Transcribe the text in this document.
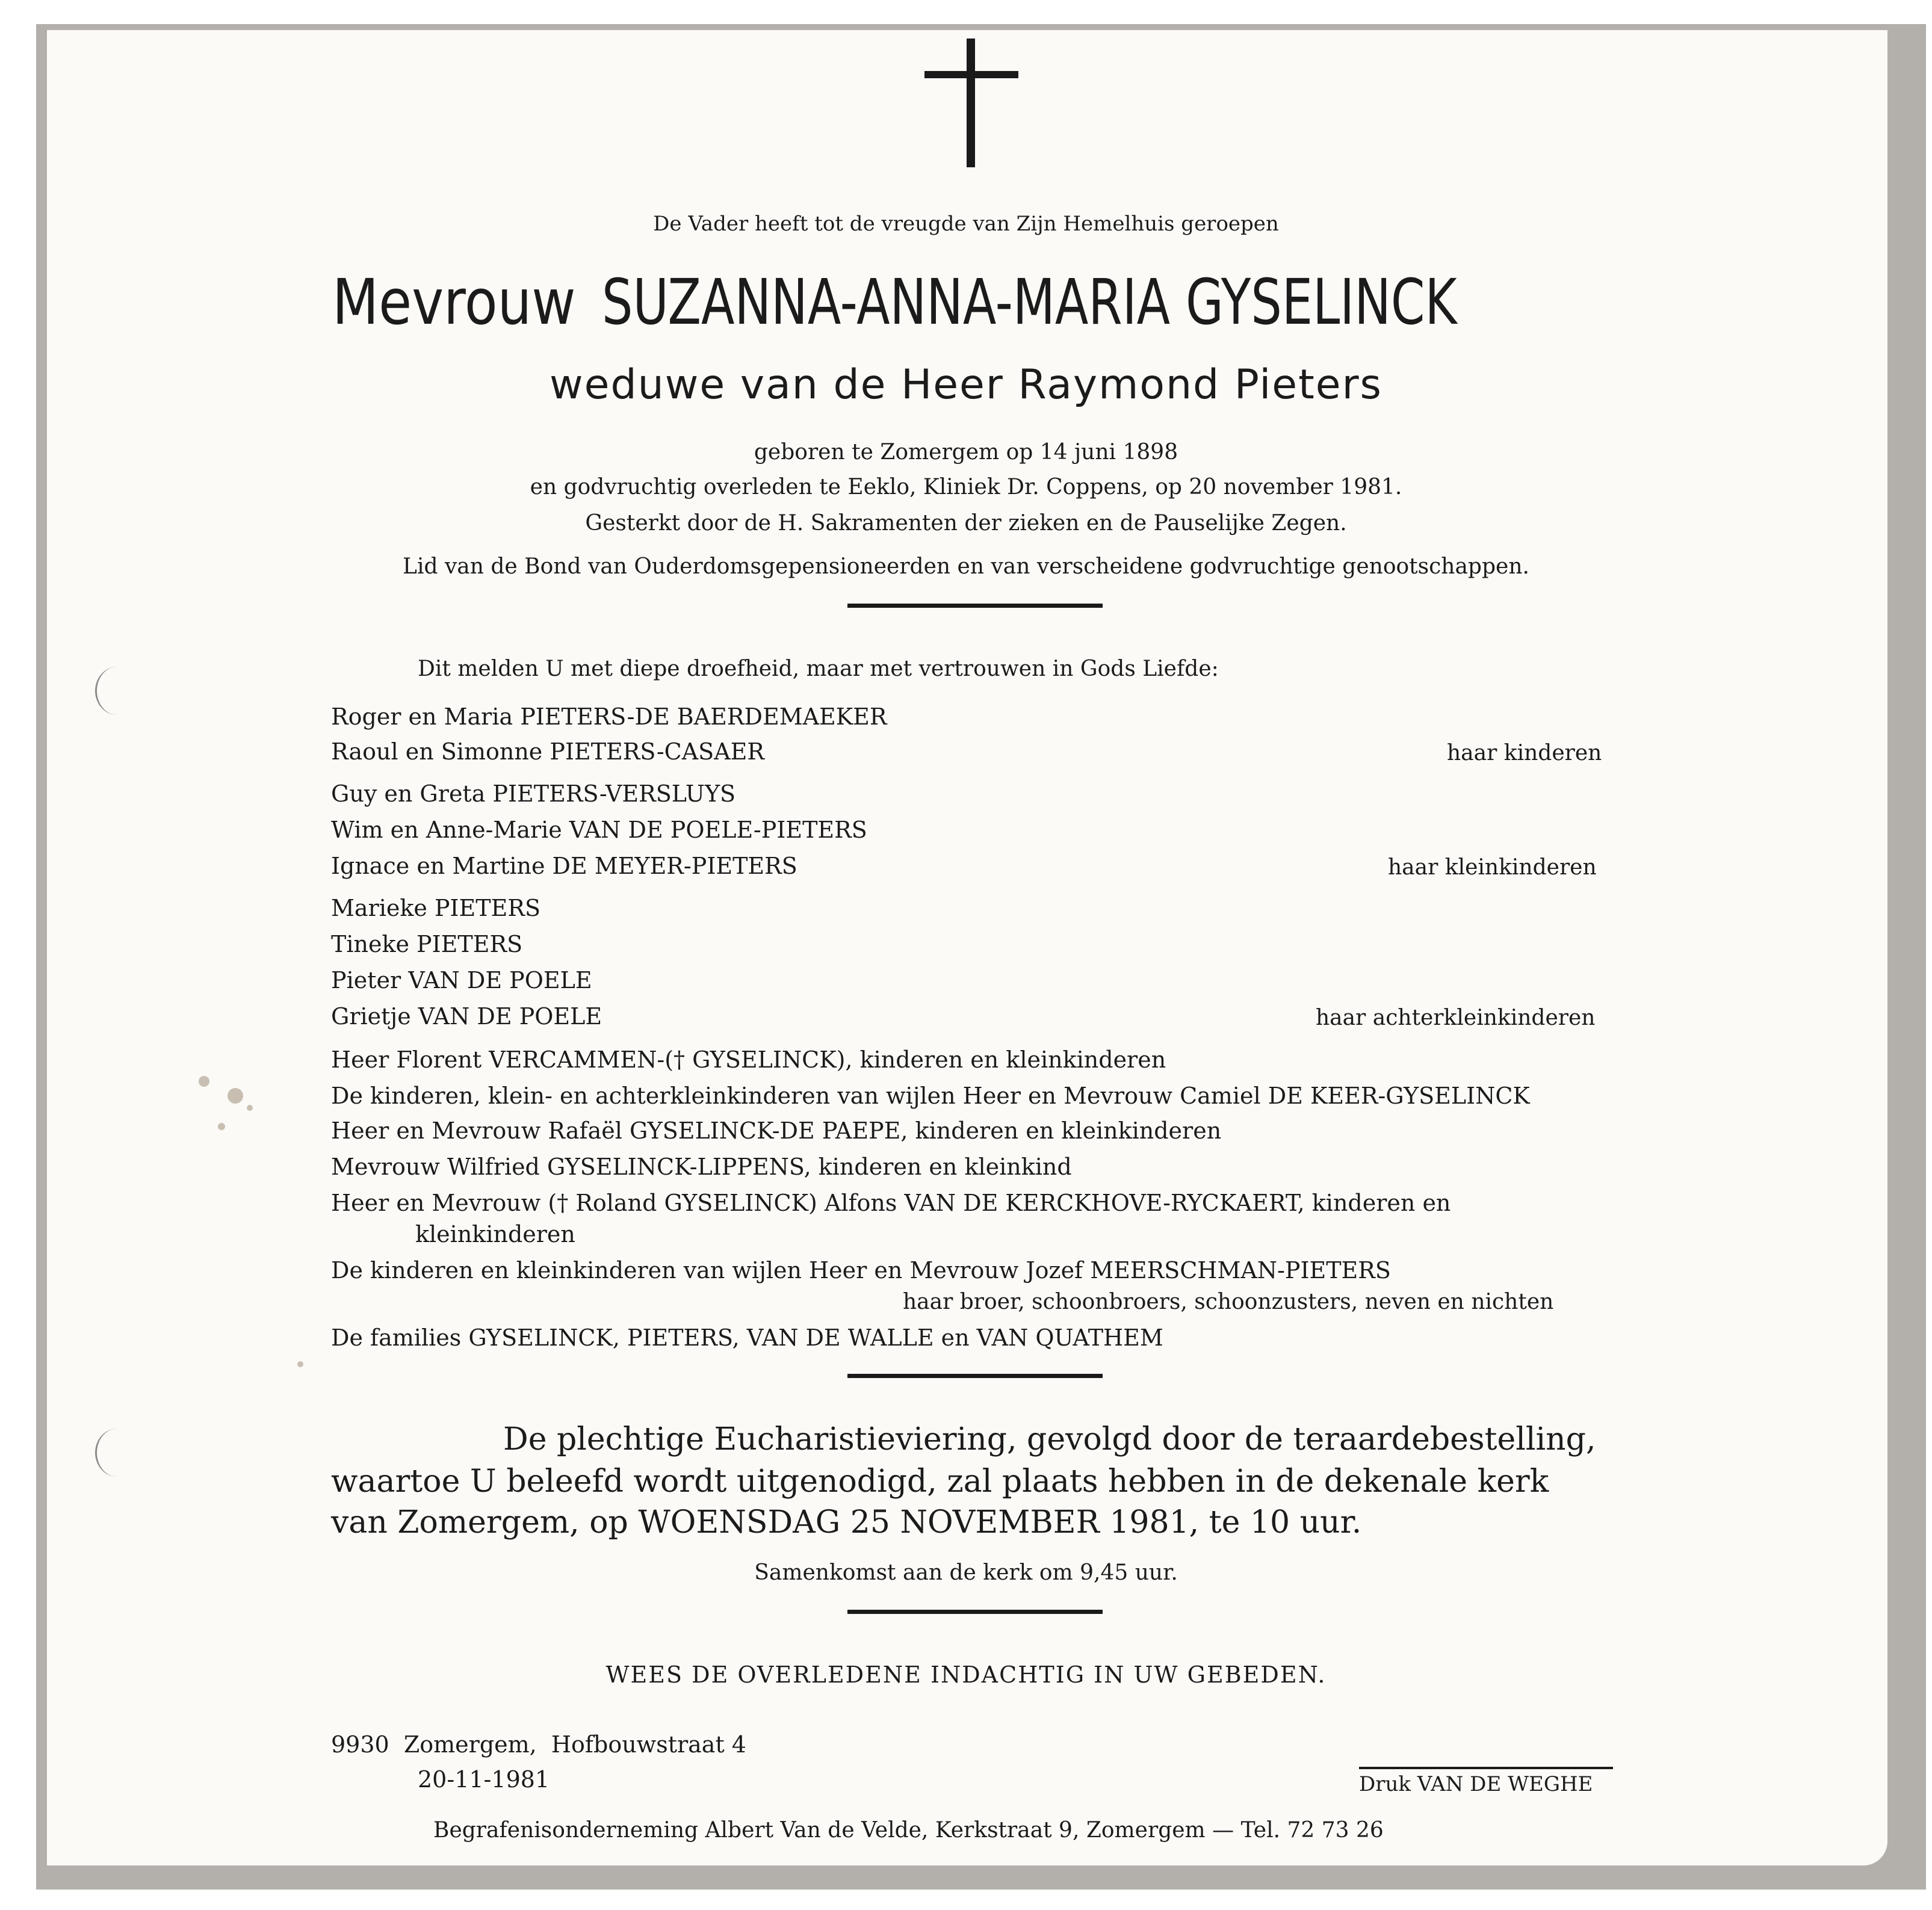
De Vader heeft tot de vreugde van Zijn Hemelhuis geroepen
Mevrouw SUZANNA-ANNA-MARIA GYSELINCK
weduwe van de Heer Raymond Pieters
geboren te Zomergem op 14 juni 1898
en godvruchtig overleden te Eeklo, Kliniek Dr. Coppens, op 20 november 1981.
Gesterkt door de H. Sakramenten der zieken en de Pauselijke Zegen.
Lid van de Bond van Ouderdomsgepensioneerden en van verscheidene godvruchtige genootschappen.
Dit melden U met diepe droefheid, maar met vertrouwen in Gods Liefde:
Roger en Maria PIETERS-DE BAERDEMAEKER
Raoul en Simonne PIETERS-CASAER	haar kinderen
Guy en Greta PIETERS-VERSLUYS
Wim en Anne-Marie VAN DE POELE-PIETERS
Ignace en Martine DE MEYER-PIETERS	haar kleinkinderen
Marieke PIETERS
Tineke PIETERS
Pieter VAN DE POELE
Grietje VAN DE POELE	haar achterkleinkinderen
Heer Florent VERCAMMEN-(† GYSELINCK), kinderen en kleinkinderen
De kinderen, klein- en achterkleinkinderen van wijlen Heer en Mevrouw Camiel DE KEER-GYSELINCK
Heer en Mevrouw Rafaël GYSELINCK-DE PAEPE, kinderen en kleinkinderen
Mevrouw Wilfried GYSELINCK-LIPPENS, kinderen en kleinkind
Heer en Mevrouw († Roland GYSELINCK) Alfons VAN DE KERCKHOVE-RYCKAERT, kinderen en
kleinkinderen
De kinderen en kleinkinderen van wijlen Heer en Mevrouw Jozef MEERSCHMAN-PIETERS
haar broer, schoonbroers, schoonzusters, neven en nichten
De families GYSELINCK, PIETERS, VAN DE WALLE en VAN QUATHEM
De plechtige Eucharistieviering, gevolgd door de teraardebestelling,
waartoe U beleefd wordt uitgenodigd, zal plaats hebben in de dekenale kerk
van Zomergem, op WOENSDAG 25 NOVEMBER 1981, te 10 uur.
Samenkomst aan de kerk om 9,45 uur.
WEES DE OVERLEDENE INDACHTIG IN UW GEBEDEN.
9930  Zomergem,  Hofbouwstraat 4
20-11-1981	Druk VAN DE WEGHE
Begrafenisonderneming Albert Van de Velde, Kerkstraat 9, Zomergem — Tel. 72 73 26
